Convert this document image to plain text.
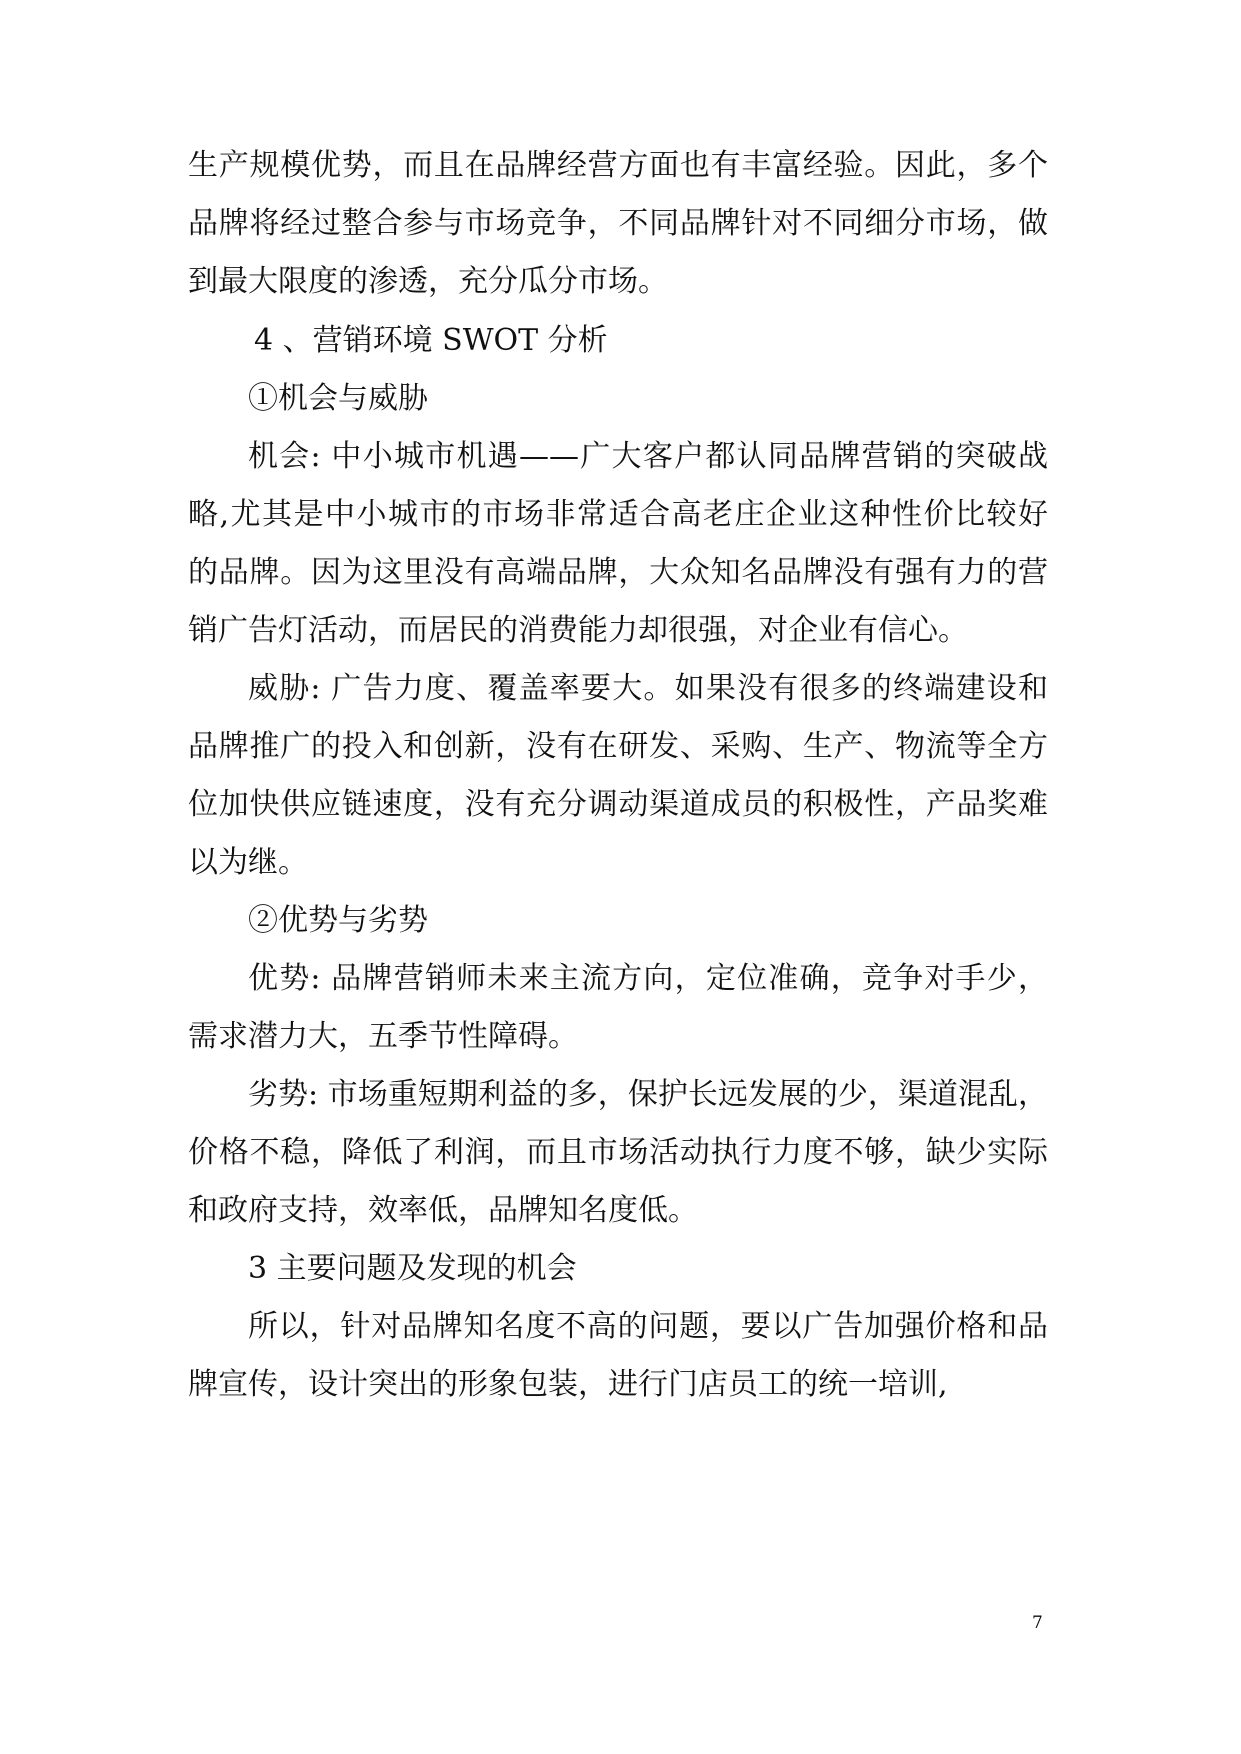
生产规模优势，而且在品牌经营方面也有丰富经验。因此，多个
品牌将经过整合参与市场竞争，不同品牌针对不同细分市场，做
到最大限度的渗透，充分瓜分市场。
4 、营销环境 SWOT 分析
①机会与威胁
机会: 中小城市机遇——广大客户都认同品牌营销的突破战
略,尤其是中小城市的市场非常适合高老庄企业这种性价比较好
的品牌。因为这里没有高端品牌，大众知名品牌没有强有力的营
销广告灯活动，而居民的消费能力却很强，对企业有信心。
威胁: 广告力度、覆盖率要大。如果没有很多的终端建设和
品牌推广的投入和创新，没有在研发、采购、生产、物流等全方
位加快供应链速度，没有充分调动渠道成员的积极性，产品奖难
以为继。
②优势与劣势
优势: 品牌营销师未来主流方向，定位准确，竞争对手少，
需求潜力大，五季节性障碍。
劣势: 市场重短期利益的多，保护长远发展的少，渠道混乱，
价格不稳，降低了利润，而且市场活动执行力度不够，缺少实际
和政府支持，效率低，品牌知名度低。
3 主要问题及发现的机会
所以，针对品牌知名度不高的问题，要以广告加强价格和品
牌宣传，设计突出的形象包装，进行门店员工的统一培训,
7
